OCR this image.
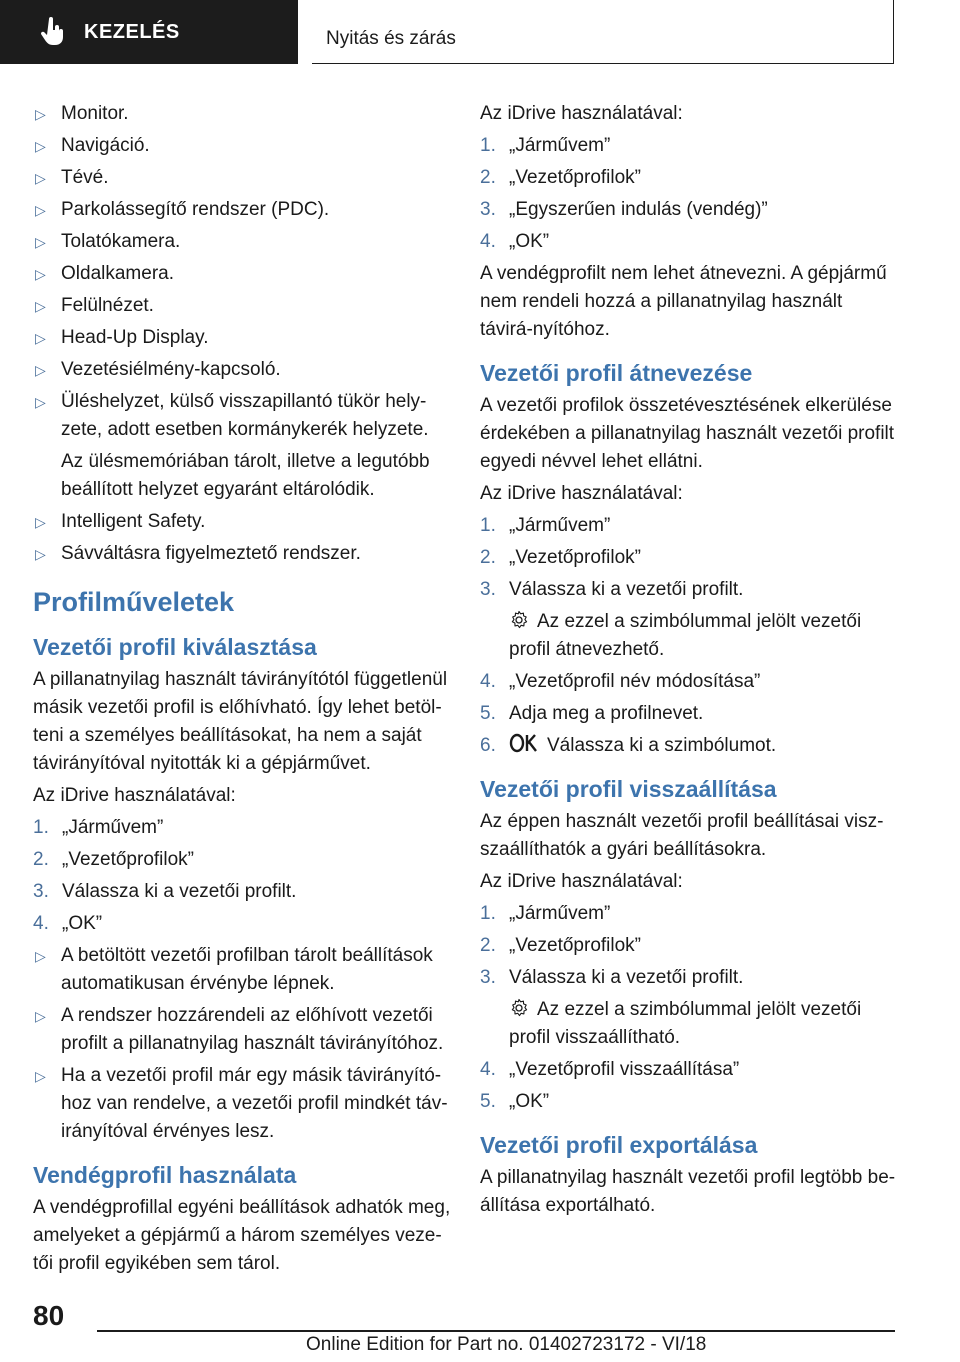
KEZELÉS	Nyitás és zárás
▷ Monitor.
▷ Navigáció.
▷ Tévé.
▷ Parkolássegítő rendszer (PDC).
▷ Tolatókamera.
▷ Oldalkamera.
▷ Felülnézet.
▷ Head-Up Display.
▷ Vezetésiélmény-kapcsoló.
▷ Üléshelyzet, külső visszapillantó tükör hely-zete, adott esetben kormánykerék helyzete.
Az ülésmemóriában tárolt, illetve a legutóbb beállított helyzet egyaránt eltárolódik.
▷ Intelligent Safety.
▷ Sávváltásra figyelmeztető rendszer.
Profilműveletek
Vezetői profil kiválasztása
A pillanatnyilag használt távirányítótól függetlenül másik vezetői profil is előhívható. Így lehet betöl-teni a személyes beállításokat, ha nem a saját távirányítóval nyitották ki a gépjárművet.
Az iDrive használatával:
1. „Járművem”
2. „Vezetőprofilok”
3. Válassza ki a vezetői profilt.
4. „OK”
▷ A betöltött vezetői profilban tárolt beállítások automatikusan érvénybe lépnek.
▷ A rendszer hozzárendeli az előhívott vezetői profilt a pillanatnyilag használt távirányítóhoz.
▷ Ha a vezetői profil már egy másik távirányító-hoz van rendelve, a vezetői profil mindkét táv-irányítóval érvényes lesz.
Vendégprofil használata
A vendégprofillal egyéni beállítások adhatók meg, amelyeket a gépjármű a három személyes veze-tői profil egyikében sem tárol.
Az iDrive használatával:
1. „Járművem”
2. „Vezetőprofilok”
3. „Egyszerűen indulás (vendég)”
4. „OK”
A vendégprofilt nem lehet átnevezni. A gépjármű nem rendeli hozzá a pillanatnyilag használt távirá-nyítóhoz.
Vezetői profil átnevezése
A vezetői profilok összetévesztésének elkerülése érdekében a pillanatnyilag használt vezetői profilt egyedi névvel lehet ellátni.
Az iDrive használatával:
1. „Járművem”
2. „Vezetőprofilok”
3. Válassza ki a vezetői profilt.
Az ezzel a szimbólummal jelölt vezetői profil átnevezhető.
4. „Vezetőprofil név módosítása”
5. Adja meg a profilnevet.
6.	Válassza ki a szimbólumot.
Vezetői profil visszaállítása
Az éppen használt vezetői profil beállításai visz-szaállíthatók a gyári beállításokra.
Az iDrive használatával:
1. „Járművem”
2. „Vezetőprofilok”
3. Válassza ki a vezetői profilt.
Az ezzel a szimbólummal jelölt vezetői profil visszaállítható.
4. „Vezetőprofil visszaállítása”
5. „OK”
Vezetői profil exportálása
A pillanatnyilag használt vezetői profil legtöbb be-állítása exportálható.
80
Online Edition for Part no. 01402723172 - VI/18
